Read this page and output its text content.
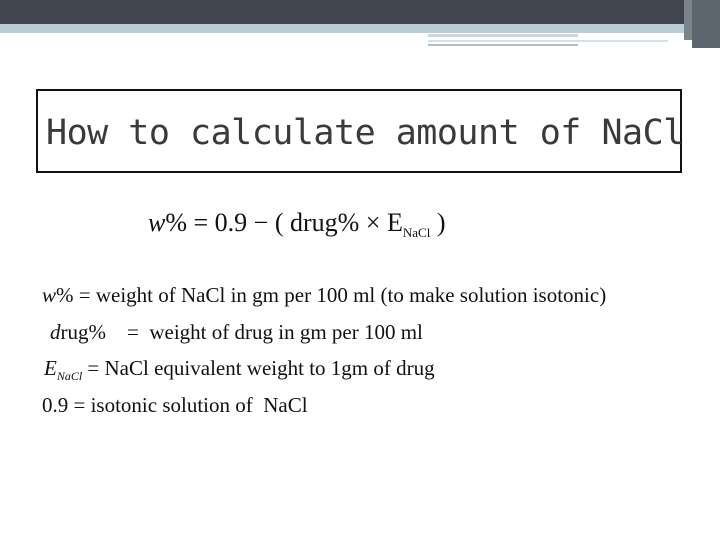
How to calculate amount of NaCl
w% = 0.9 − ( drug% × $E_{NaCl}$ )
w% = weight of NaCl in gm per 100 ml (to make solution isotonic)
drug%    =  weight of drug in gm per 100 ml
$E_{NaCl}$ = NaCl equivalent weight to 1gm of drug
0.9 = isotonic solution of  NaCl
